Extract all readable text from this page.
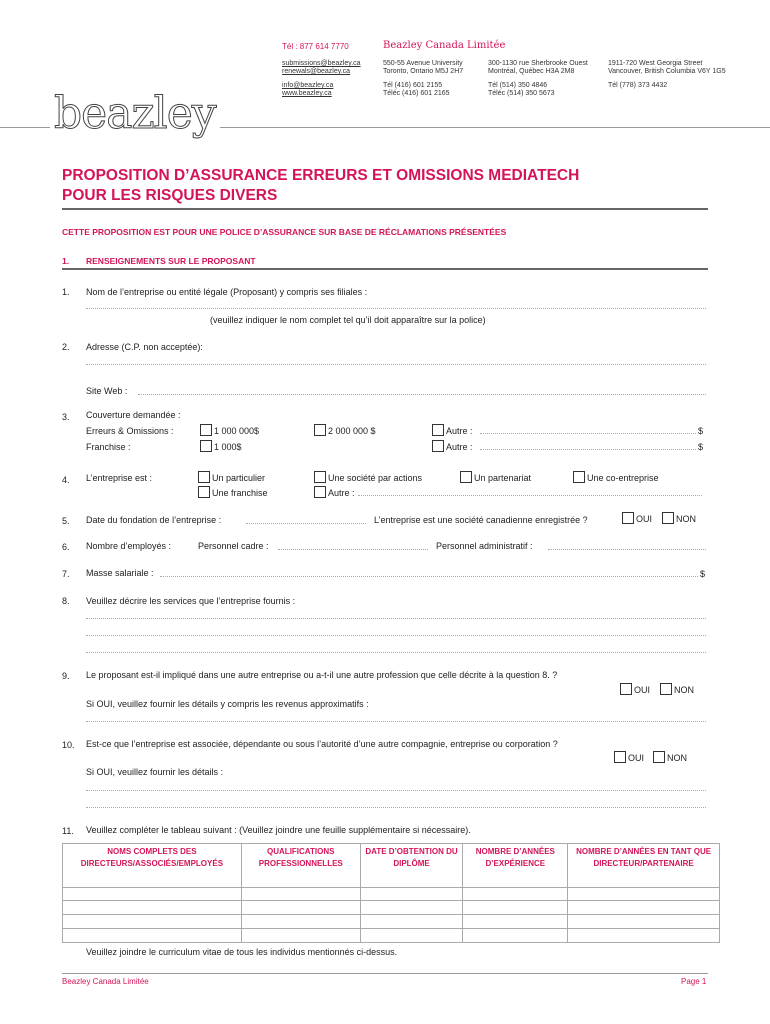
Tél : 877 614 7770	Beazley Canada Limitée
submissions@beazley.ca
renewals@beazley.ca
info@beazley.ca
www.beazley.ca
550-55 Avenue University
Toronto, Ontario M5J 2H7
Tél (416) 601 2155
Téléc (416) 601 2165
300-1130 rue Sherbrooke Ouest
Montréal, Québec H3A 2M8
Tél (514) 350 4846
Téléc (514) 350 5673
1911-720 West Georgia Street
Vancouver, British Columbia V6Y 1G5
Tél (778) 373 4432
beazley
PROPOSITION D’ASSURANCE ERREURS ET OMISSIONS MEDIATECH
POUR LES RISQUES DIVERS
CETTE PROPOSITION EST POUR UNE POLICE D’ASSURANCE SUR BASE DE RÉCLAMATIONS PRÉSENTÉES
1. RENSEIGNEMENTS SUR LE PROPOSANT
1. Nom de l’entreprise ou entité légale (Proposant) y compris ses filiales :
(veuillez indiquer le nom complet tel qu’il doit apparaître sur la police)
2. Adresse (C.P. non acceptée):
Site Web :
3. Couverture demandée :
Erreurs & Omissions :
Franchise :
1 000 000$	2 000 000 $	Autre :	$
1 000$	Autre :	$
4. L’entreprise est :	Un particulier	Une société par actions	Un partenariat	Une co-entreprise
Une franchise	Autre :
5. Date du fondation de l’entreprise :	L’entreprise est une société canadienne enregistrée ?	OUI	NON
6. Nombre d’employés :	Personnel cadre :	Personnel administratif :
7. Masse salariale :	$
8. Veuillez décrire les services que l’entreprise fournis :
9. Le proposant est-il impliqué dans une autre entreprise ou a-t-il une autre profession que celle décrite à la question 8. ?
OUI	NON
Si OUI, veuillez fournir les détails y compris les revenus approximatifs :
10. Est-ce que l’entreprise est associée, dépendante ou sous l’autorité d’une autre compagnie, entreprise ou corporation ?
OUI	NON
Si OUI, veuillez fournir les détails :
11. Veuillez compléter le tableau suivant : (Veuillez joindre une feuille supplémentaire si nécessaire).
NOMS COMPLETS DES DIRECTEURS/ASSOCIÉS/EMPLOYÉS	QUALIFICATIONS PROFESSIONNELLES	DATE D’OBTENTION DU DIPLÔME	NOMBRE D’ANNÉES D’EXPÉRIENCE	NOMBRE D’ANNÉES EN TANT QUE DIRECTEUR/PARTENAIRE

Veuillez joindre le curriculum vitae de tous les individus mentionnés ci-dessus.
Beazley Canada Limitée	Page 1
